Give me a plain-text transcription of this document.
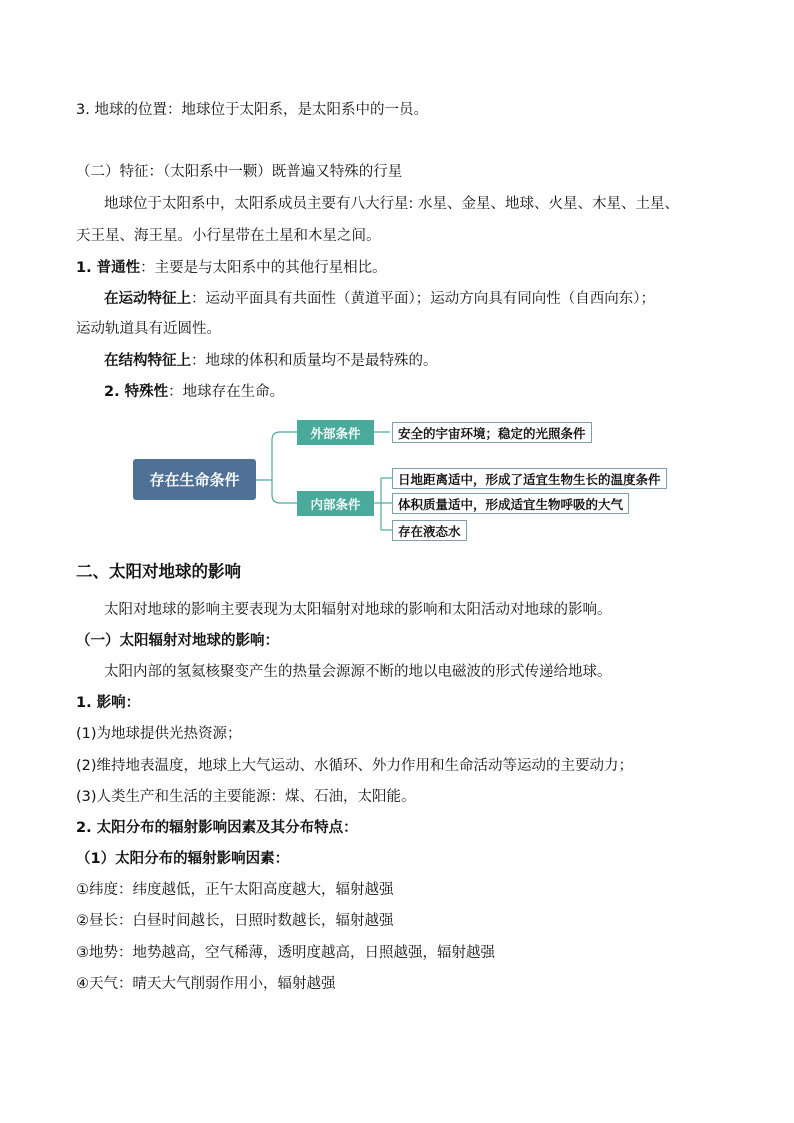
3. 地球的位置：地球位于太阳系，是太阳系中的一员。
（二）特征：（太阳系中一颗）既普遍又特殊的行星
地球位于太阳系中，太阳系成员主要有八大行星: 水星、金星、地球、火星、木星、土星、
天王星、海王星。小行星带在土星和木星之间。
1. 普通性：主要是与太阳系中的其他行星相比。
在运动特征上：运动平面具有共面性（黄道平面）；运动方向具有同向性（自西向东）；
运动轨道具有近圆性。
在结构特征上：地球的体积和质量均不是最特殊的。
2. 特殊性：地球存在生命。
存在生命条件
外部条件
内部条件
安全的宇宙环境；稳定的光照条件
日地距离适中，形成了适宜生物生长的温度条件
体积质量适中，形成适宜生物呼吸的大气
存在液态水
二、太阳对地球的影响
太阳对地球的影响主要表现为太阳辐射对地球的影响和太阳活动对地球的影响。
（一）太阳辐射对地球的影响：
太阳内部的氢氦核聚变产生的热量会源源不断的地以电磁波的形式传递给地球。
1. 影响：
(1)为地球提供光热资源；
(2)维持地表温度，地球上大气运动、水循环、外力作用和生命活动等运动的主要动力；
(3)人类生产和生活的主要能源：煤、石油，太阳能。
2. 太阳分布的辐射影响因素及其分布特点：
（1）太阳分布的辐射影响因素：
①纬度：纬度越低，正午太阳高度越大，辐射越强
②昼长：白昼时间越长，日照时数越长，辐射越强
③地势：地势越高，空气稀薄，透明度越高，日照越强，辐射越强
④天气：晴天大气削弱作用小，辐射越强
